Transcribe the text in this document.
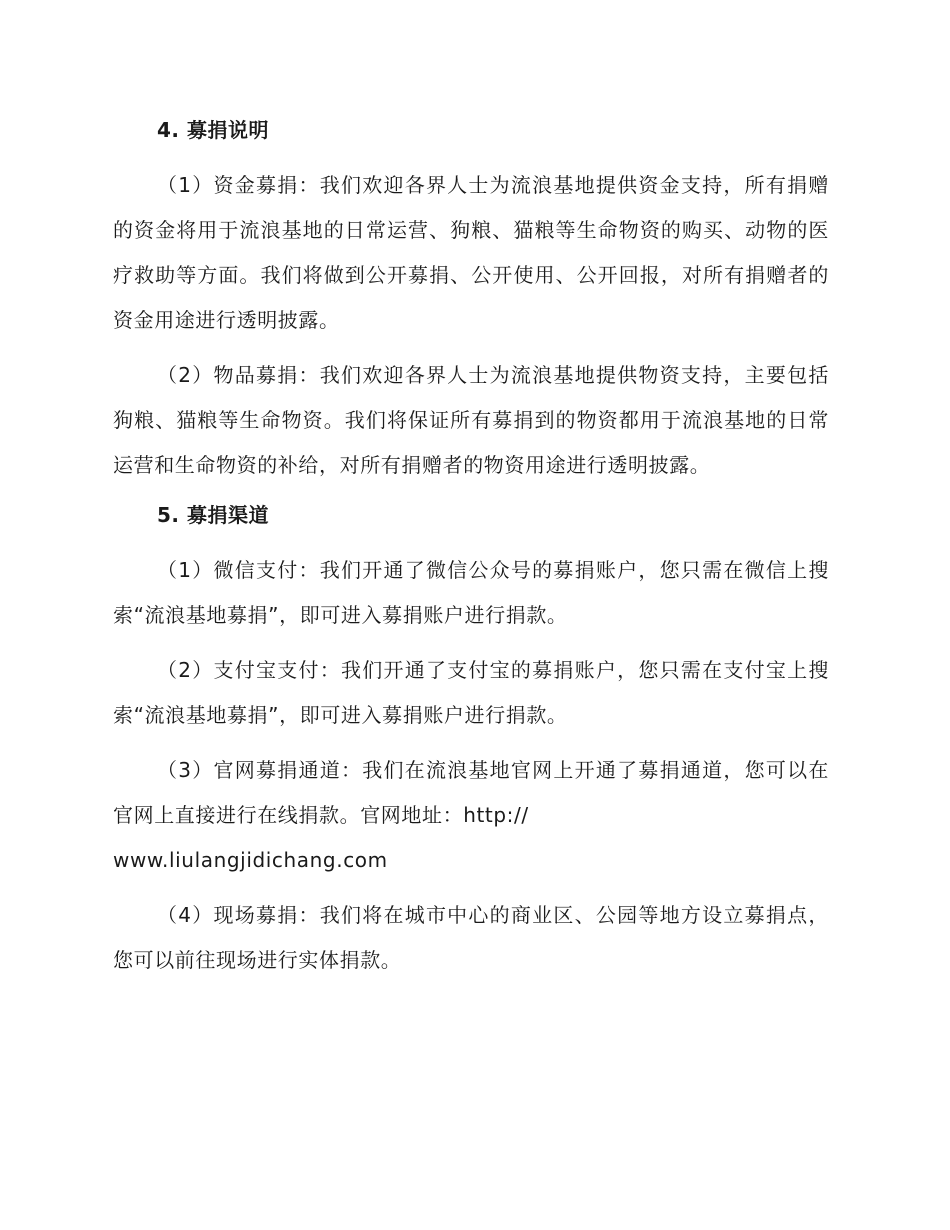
4. 募捐说明

（1）资金募捐：我们欢迎各界人士为流浪基地提供资金支持，所有捐赠的资金将用于流浪基地的日常运营、狗粮、猫粮等生命物资的购买、动物的医疗救助等方面。我们将做到公开募捐、公开使用、公开回报，对所有捐赠者的资金用途进行透明披露。

（2）物品募捐：我们欢迎各界人士为流浪基地提供物资支持，主要包括狗粮、猫粮等生命物资。我们将保证所有募捐到的物资都用于流浪基地的日常运营和生命物资的补给，对所有捐赠者的物资用途进行透明披露。

5. 募捐渠道

（1）微信支付：我们开通了微信公众号的募捐账户，您只需在微信上搜索“流浪基地募捐”，即可进入募捐账户进行捐款。

（2）支付宝支付：我们开通了支付宝的募捐账户，您只需在支付宝上搜索“流浪基地募捐”，即可进入募捐账户进行捐款。

（3）官网募捐通道：我们在流浪基地官网上开通了募捐通道，您可以在官网上直接进行在线捐款。官网地址：http://
www.liulangjidichang.com

（4）现场募捐：我们将在城市中心的商业区、公园等地方设立募捐点，您可以前往现场进行实体捐款。
